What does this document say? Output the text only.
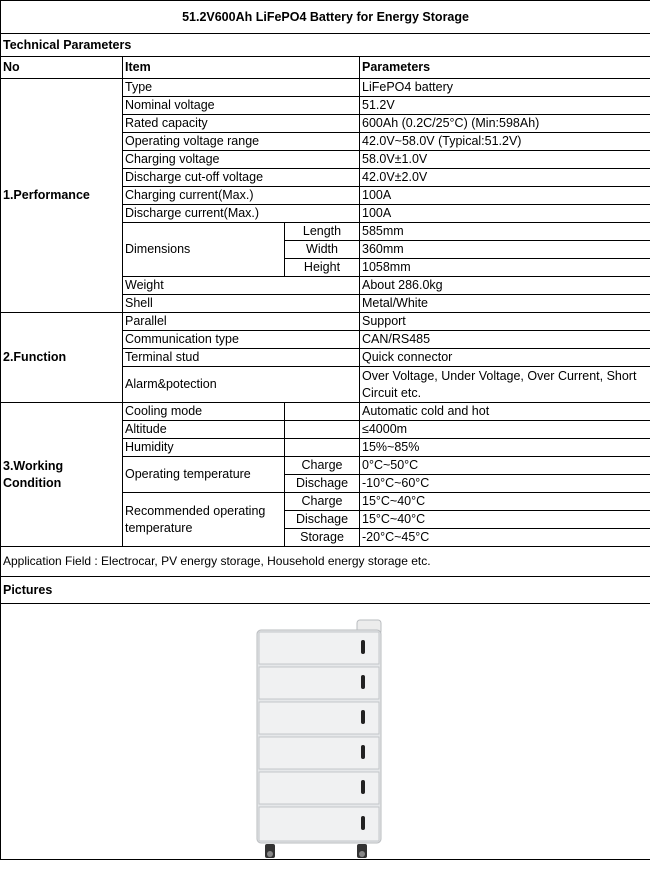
51.2V600Ah LiFePO4 Battery for Energy Storage			
Technical Parameters			
No	Item		Parameters
1.Performance	Type		LiFePO4 battery
	Nominal voltage		51.2V
	Rated capacity		600Ah (0.2C/25°C) (Min:598Ah)
	Operating voltage range		42.0V~58.0V (Typical:51.2V)
	Charging voltage		58.0V±1.0V
	Discharge cut-off voltage		42.0V±2.0V
	Charging current(Max.)		100A
	Discharge current(Max.)		100A
	Dimensions	Length	585mm
		Width	360mm
		Height	1058mm
	Weight		About 286.0kg
	Shell		Metal/White
2.Function	Parallel		Support
	Communication type		CAN/RS485
	Terminal stud		Quick connector
	Alarm&potection		Over Voltage, Under Voltage, Over Current, Short Circuit etc.
3.Working Condition	Cooling mode		Automatic cold and hot
	Altitude		≤4000m
	Humidity		15%~85%
	Operating temperature	Charge	0°C~50°C
		Dischage	-10°C~60°C
	Recommended operating temperature	Charge	15°C~40°C
		Dischage	15°C~40°C
		Storage	-20°C~45°C
Application Field : Electrocar, PV energy storage, Household energy storage etc.			
Pictures			
